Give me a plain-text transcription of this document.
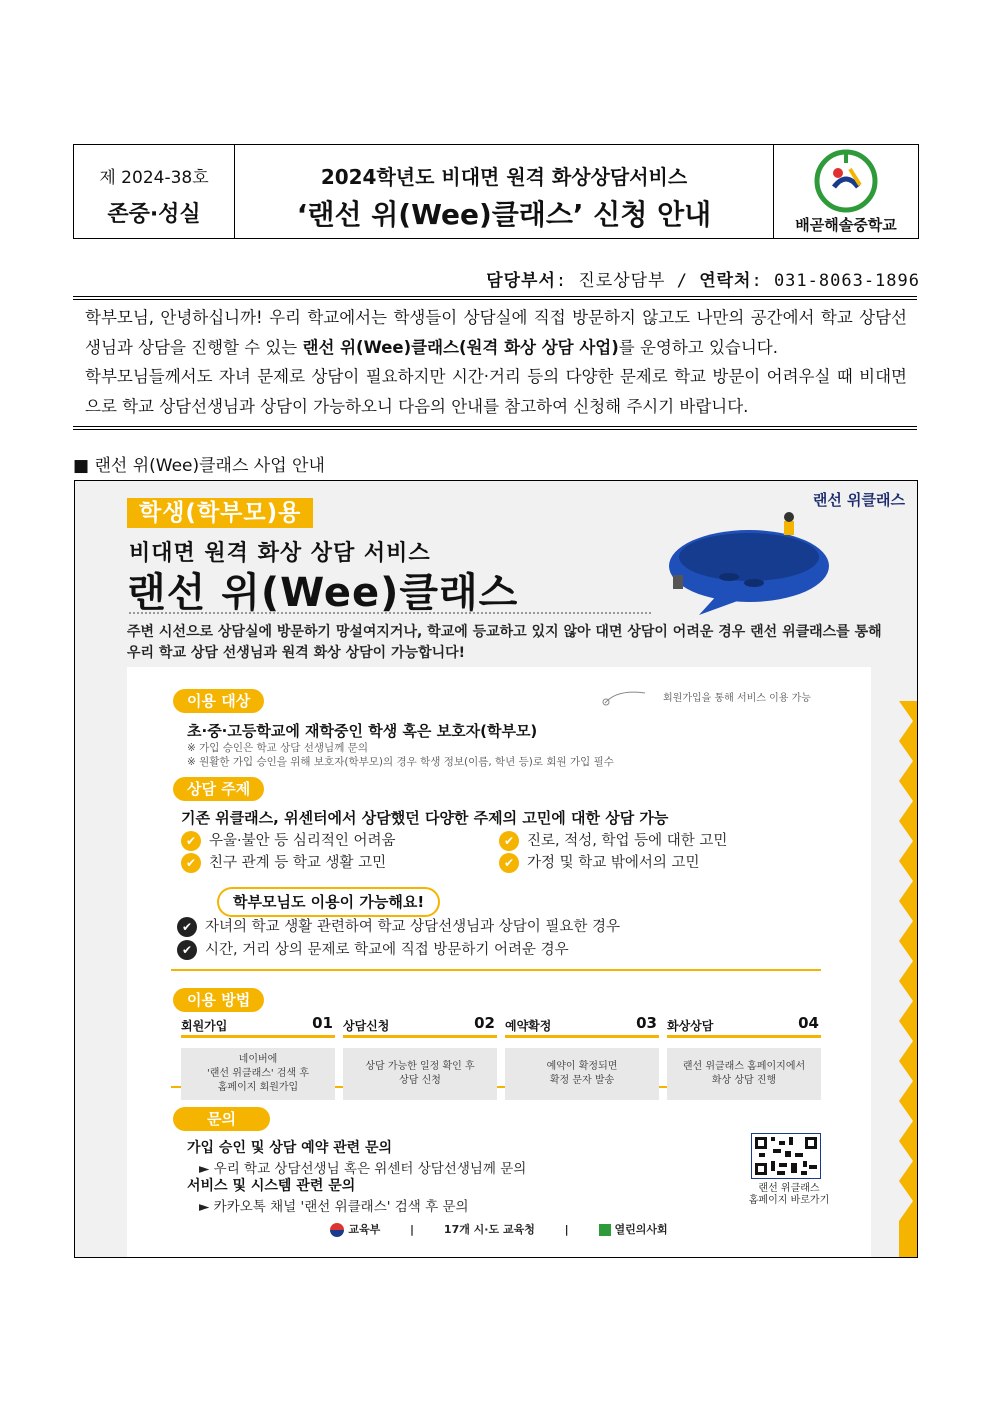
제 2024-38호
존중·성실
2024학년도 비대면 원격 화상상담서비스
‘랜선 위(Wee)클래스’ 신청 안내	배곧해솔중학교
담당부서: 진로상담부 / 연락처: 031-8063-1896
학부모님, 안녕하십니까! 우리 학교에서는 학생들이 상담실에 직접 방문하지 않고도 나만의 공간에서 학교 상담선생님과 상담을 진행할 수 있는 랜선 위(Wee)클래스(원격 화상 상담 사업)를 운영하고 있습니다.
학부모님들께서도 자녀 문제로 상담이 필요하지만 시간·거리 등의 다양한 문제로 학교 방문이 어려우실 때 비대면으로 학교 상담선생님과 상담이 가능하오니 다음의 안내를 참고하여 신청해 주시기 바랍니다.
■ 랜선 위(Wee)클래스 사업 안내
학생(학부모)용	랜선 위클래스
비대면 원격 화상 상담 서비스
랜선 위(Wee)클래스
주변 시선으로 상담실에 방문하기 망설여지거나, 학교에 등교하고 있지 않아 대면 상담이 어려운 경우 랜선 위클래스를 통해 우리 학교 상담 선생님과 원격 화상 상담이 가능합니다!
이용 대상	회원가입을 통해 서비스 이용 가능
초·중·고등학교에 재학중인 학생 혹은 보호자(학부모)
※ 가입 승인은 학교 상담 선생님께 문의
※ 원활한 가입 승인을 위해 보호자(학부모)의 경우 학생 정보(이름, 학년 등)로 회원 가입 필수
상담 주제
기존 위클래스, 위센터에서 상담했던 다양한 주제의 고민에 대한 상담 가능
✔ 우울·불안 등 심리적인 어려움	✔ 진로, 적성, 학업 등에 대한 고민
✔ 친구 관계 등 학교 생활 고민	✔ 가정 및 학교 밖에서의 고민
학부모님도 이용이 가능해요!
✔ 자녀의 학교 생활 관련하여 학교 상담선생님과 상담이 필요한 경우
✔ 시간, 거리 상의 문제로 학교에 직접 방문하기 어려운 경우
이용 방법
회원가입	01
네이버에
'랜선 위클래스' 검색 후
홈페이지 회원가입
상담신청	02
상담 가능한 일정 확인 후
상담 신청
예약확정	03
예약이 확정되면
확정 문자 발송
화상상담	04
랜선 위클래스 홈페이지에서
화상 상담 진행
문의
가입 승인 및 상담 예약 관련 문의
► 우리 학교 상담선생님 혹은 위센터 상담선생님께 문의
서비스 및 시스템 관련 문의
► 카카오톡 채널 '랜선 위클래스' 검색 후 문의
랜선 위클래스
홈페이지 바로가기
교육부	|	17개 시·도 교육청	|	열린의사회
